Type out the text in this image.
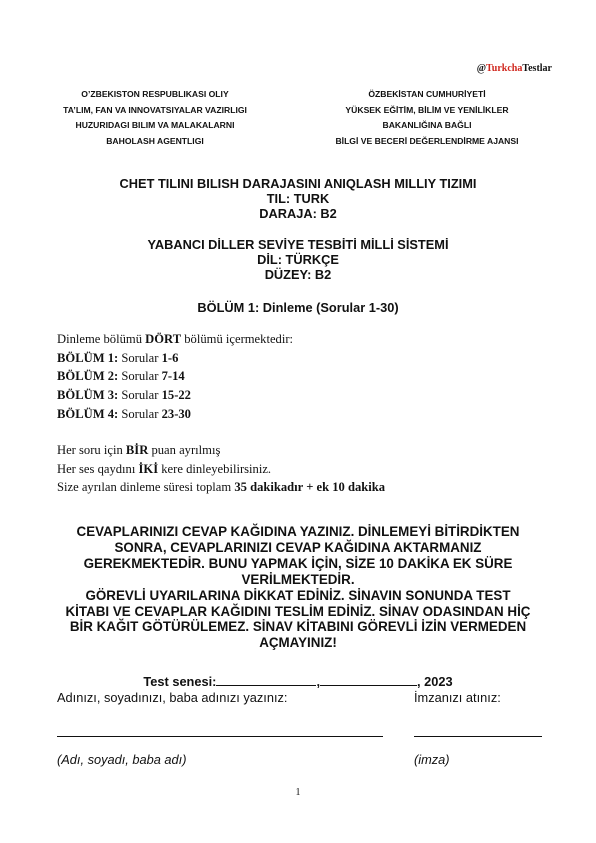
@TurkchaTestlar
O’ZBEKISTON RESPUBLIKASI OLIY
TA’LIM, FAN VA INNOVATSIYALAR VAZIRLIGI
HUZURIDAGI BILIM VA MALAKALARNI
BAHOLASH AGENTLIGI
ÖZBEKİSTAN CUMHURİYETİ
YÜKSEK EĞİTİM, BİLİM VE YENİLİKLER
BAKANLIĞINA BAĞLI
BİLGİ VE BECERİ DEĞERLENDİRME AJANSI
CHET TILINI BILISH DARAJASINI ANIQLASH MILLIY TIZIMI
TIL: TURK
DARAJA: B2
YABANCI DİLLER SEVİYE TESBİTİ MİLLİ SİSTEMİ
DİL: TÜRKÇE
DÜZEY: B2
BÖLÜM 1: Dinleme (Sorular 1-30)
Dinleme bölümü DÖRT bölümü içermektedir:
BÖLÜM 1: Sorular 1-6
BÖLÜM 2: Sorular 7-14
BÖLÜM 3: Sorular 15-22
BÖLÜM 4: Sorular 23-30
Her soru için BİR puan ayrılmış
Her ses qaydını İKİ kere dinleyebilirsiniz.
Size ayrılan dinleme süresi toplam 35 dakikadır + ek 10 dakika
CEVAPLARINIZI CEVAP KAĞIDINA YAZINIZ. DİNLEMEYİ BİTİRDİKTEN
SONRA, CEVAPLARINIZI CEVAP KAĞIDINA AKTARMANIZ
GEREKMEKTEDİR. BUNU YAPMAK İÇİN, SİZE 10 DAKİKA EK SÜRE
VERİLMEKTEDİR.
GÖREVLİ UYARILARINA DİKKAT EDİNİZ. SİNAVIN SONUNDA TEST
KİTABI VE CEVAPLAR KAĞIDINI TESLİM EDİNİZ. SİNAV ODASINDAN HİÇ
BİR KAĞIT GÖTÜRÜLEMEZ. SİNAV KİTABINI GÖREVLİ İZİN VERMEDEN
AÇMAYINIZ!
Test senesi:	,	, 2023
Adınızı, soyadınızı, baba adınızı yazınız:	İmzanızı atınız:
(Adı, soyadı, baba adı)	(imza)
1
